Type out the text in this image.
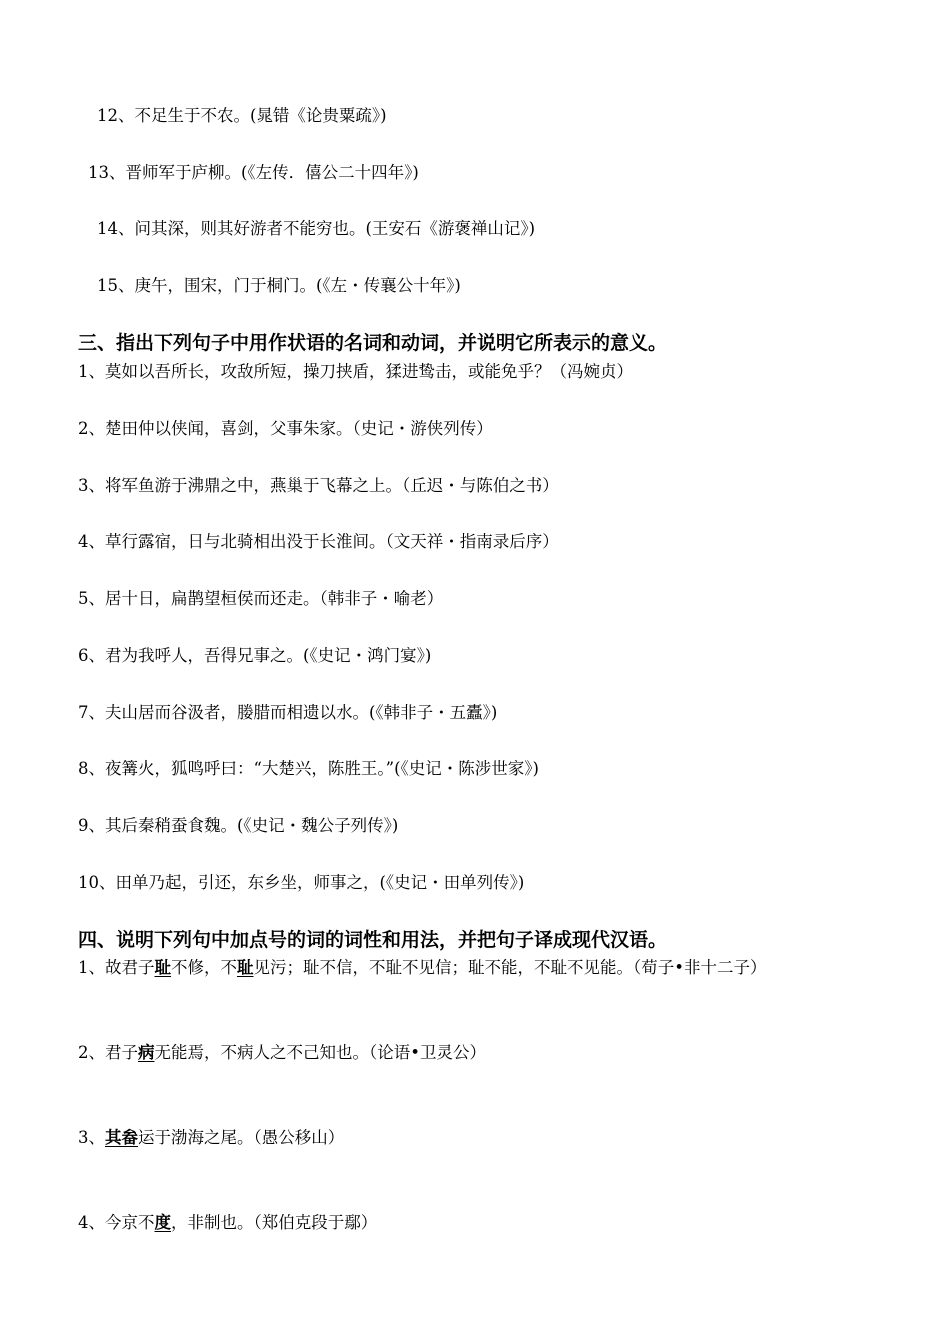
12、不足生于不农。(晁错《论贵粟疏》)
13、晋师军于庐柳。(《左传．僖公二十四年》)
14、问其深，则其好游者不能穷也。(王安石《游褒禅山记》)
15、庚午，围宋，门于桐门。(《左・传襄公十年》)
三、指出下列句子中用作状语的名词和动词，并说明它所表示的意义。
1、莫如以吾所长，攻敌所短，操刀挟盾，猱进鸷击，或能免乎？（冯婉贞）
2、楚田仲以侠闻，喜剑，父事朱家。（史记・游侠列传）
3、将军鱼游于沸鼎之中，燕巢于飞幕之上。（丘迟・与陈伯之书）
4、草行露宿，日与北骑相出没于长淮间。（文天祥・指南录后序）
5、居十日，扁鹊望桓侯而还走。（韩非子・喻老）
6、君为我呼人，吾得兄事之。(《史记・鸿门宴》)
7、夫山居而谷汲者，媵腊而相遗以水。(《韩非子・五蠹》)
8、夜篝火，狐鸣呼曰：“大楚兴，陈胜王。”(《史记・陈涉世家》)
9、其后秦稍蚕食魏。(《史记・魏公子列传》)
10、田单乃起，引还，东乡坐，师事之，(《史记・田单列传》)
四、说明下列句中加点号的词的词性和用法，并把句子译成现代汉语。
1、故君子耻不修，不耻见污；耻不信，不耻不见信；耻不能，不耻不见能。（荀子•非十二子）
2、君子病无能焉，不病人之不己知也。（论语•卫灵公）
3、其畚运于渤海之尾。（愚公移山）
4、今京不度，非制也。（郑伯克段于鄢）
